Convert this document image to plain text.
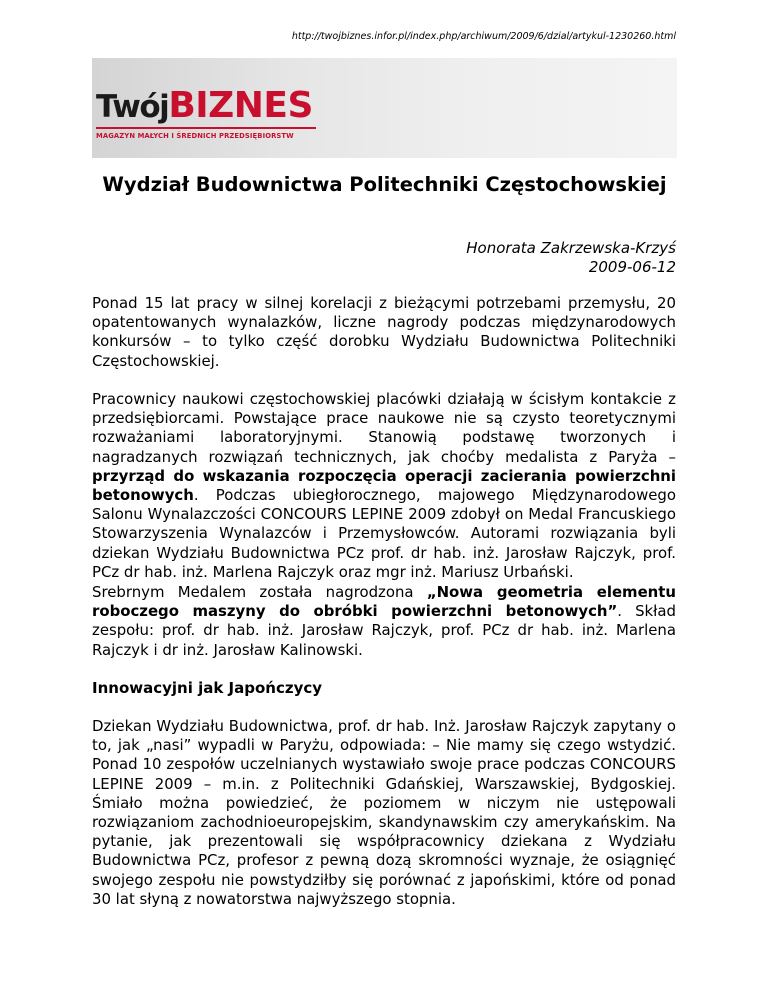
http://twojbiznes.infor.pl/index.php/archiwum/2009/6/dzial/artykul-1230260.html
TwójBIZNES
MAGAZYN MAŁYCH I ŚREDNICH PRZEDSIĘBIORSTW
Wydział Budownictwa Politechniki Częstochowskiej
Honorata Zakrzewska-Krzyś
2009-06-12

Ponad 15 lat pracy w silnej korelacji z bieżącymi potrzebami przemysłu, 20 opatentowanych wynalazków, liczne nagrody podczas międzynarodowych konkursów – to tylko część dorobku Wydziału Budownictwa Politechniki Częstochowskiej.

Pracownicy naukowi częstochowskiej placówki działają w ścisłym kontakcie z przedsiębiorcami. Powstające prace naukowe nie są czysto teoretycznymi rozważaniami laboratoryjnymi. Stanowią podstawę tworzonych i nagradzanych rozwiązań technicznych, jak choćby medalista z Paryża – przyrząd do wskazania rozpoczęcia operacji zacierania powierzchni betonowych. Podczas ubiegłorocznego, majowego Międzynarodowego Salonu Wynalazczości CONCOURS LEPINE 2009 zdobył on Medal Francuskiego Stowarzyszenia Wynalazców i Przemysłowców. Autorami rozwiązania byli dziekan Wydziału Budownictwa PCz prof. dr hab. inż. Jarosław Rajczyk, prof. PCz dr hab. inż. Marlena Rajczyk oraz mgr inż. Mariusz Urbański.

Srebrnym Medalem została nagrodzona „Nowa geometria elementu roboczego maszyny do obróbki powierzchni betonowych”. Skład zespołu: prof. dr hab. inż. Jarosław Rajczyk, prof. PCz dr hab. inż. Marlena Rajczyk i dr inż. Jarosław Kalinowski.

Innowacyjni jak Japończycy

Dziekan Wydziału Budownictwa, prof. dr hab. Inż. Jarosław Rajczyk zapytany o to, jak „nasi” wypadli w Paryżu, odpowiada: – Nie mamy się czego wstydzić. Ponad 10 zespołów uczelnianych wystawiało swoje prace podczas CONCOURS LEPINE 2009 – m.in. z Politechniki Gdańskiej, Warszawskiej, Bydgoskiej. Śmiało można powiedzieć, że poziomem w niczym nie ustępowali rozwiązaniom zachodnioeuropejskim, skandynawskim czy amerykańskim. Na pytanie, jak prezentowali się współpracownicy dziekana z Wydziału Budownictwa PCz, profesor z pewną dozą skromności wyznaje, że osiągnięć swojego zespołu nie powstydziłby się porównać z japońskimi, które od ponad 30 lat słyną z nowatorstwa najwyższego stopnia.
